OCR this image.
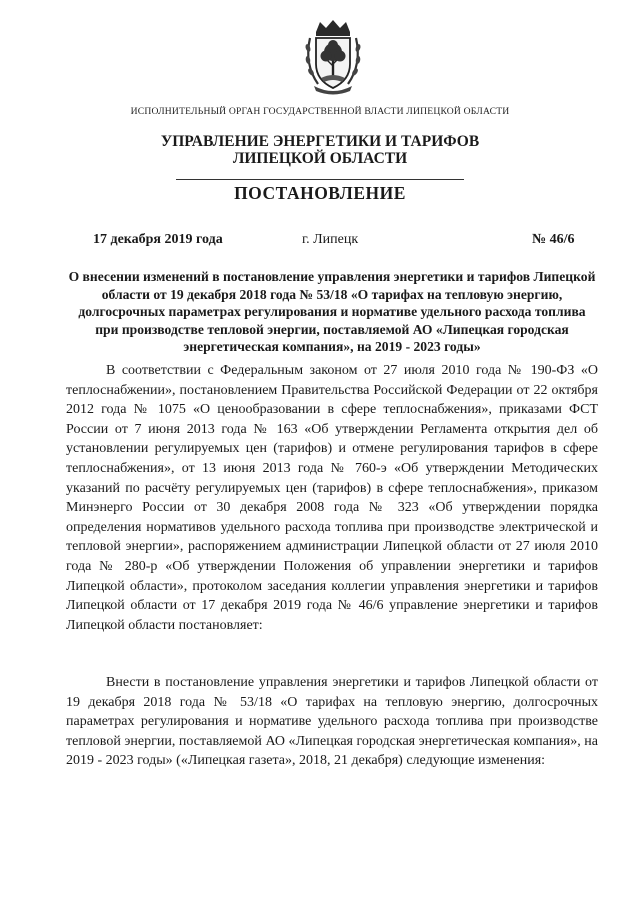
ИСПОЛНИТЕЛЬНЫЙ ОРГАН ГОСУДАРСТВЕННОЙ ВЛАСТИ ЛИПЕЦКОЙ ОБЛАСТИ
УПРАВЛЕНИЕ ЭНЕРГЕТИКИ И ТАРИФОВ
ЛИПЕЦКОЙ ОБЛАСТИ
ПОСТАНОВЛЕНИЕ
17 декабря 2019 года	г. Липецк	№ 46/6
О внесении изменений в постановление управления энергетики и тарифов Липецкой области от 19 декабря 2018 года № 53/18 «О тарифах на тепловую энергию, долгосрочных параметрах регулирования и нормативе удельного расхода топлива при производстве тепловой энергии, поставляемой АО «Липецкая городская энергетическая компания», на 2019 - 2023 годы»

В соответствии с Федеральным законом от 27 июля 2010 года № 190-ФЗ «О теплоснабжении», постановлением Правительства Российской Федерации от 22 октября 2012 года № 1075 «О ценообразовании в сфере теплоснабжения», приказами ФСТ России от 7 июня 2013 года № 163 «Об утверждении Регламента открытия дел об установлении регулируемых цен (тарифов) и отмене регулирования тарифов в сфере теплоснабжения», от 13 июня 2013 года № 760-э «Об утверждении Методических указаний по расчёту регулируемых цен (тарифов) в сфере теплоснабжения», приказом Минэнерго России от 30 декабря 2008 года № 323 «Об утверждении порядка определения нормативов удельного расхода топлива при производстве электрической и тепловой энергии», распоряжением администрации Липецкой области от 27 июля 2010 года № 280-р «Об утверждении Положения об управлении энергетики и тарифов Липецкой области», протоколом заседания коллегии управления энергетики и тарифов Липецкой области от 17 декабря 2019 года № 46/6 управление энергетики и тарифов Липецкой области постановляет:

Внести в постановление управления энергетики и тарифов Липецкой области от 19 декабря 2018 года № 53/18 «О тарифах на тепловую энергию, долгосрочных параметрах регулирования и нормативе удельного расхода топлива при производстве тепловой энергии, поставляемой АО «Липецкая городская энергетическая компания», на 2019 - 2023 годы» («Липецкая газета», 2018, 21 декабря) следующие изменения:
